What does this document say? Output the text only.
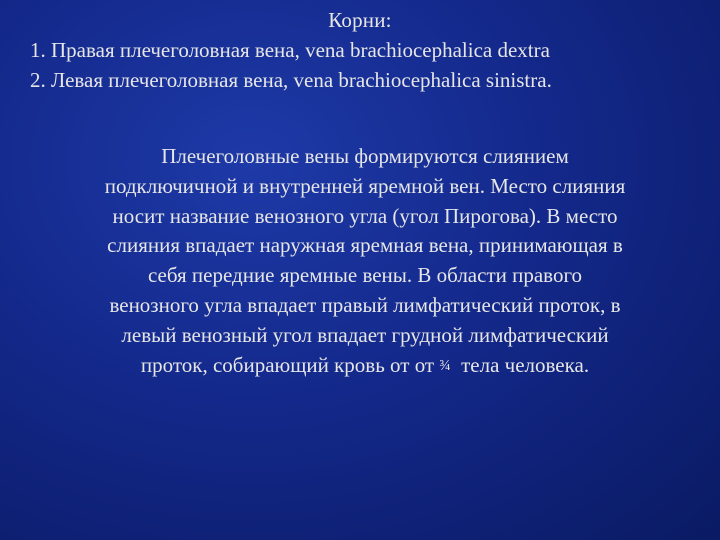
Корни:
1. Правая плечеголовная вена, vena brachiocephalica dextra
2. Левая плечеголовная вена, vena brachiocephalica sinistra.
Плечеголовные вены формируются слиянием
подключичной и внутренней яремной вен. Место слияния
носит название венозного угла (угол Пирогова). В место
слияния впадает наружная яремная вена, принимающая в
себя передние яремные вены. В области правого
венозного угла впадает правый лимфатический проток, в
левый венозный угол впадает грудной лимфатический
проток, собирающий кровь от от ¾  тела человека.
